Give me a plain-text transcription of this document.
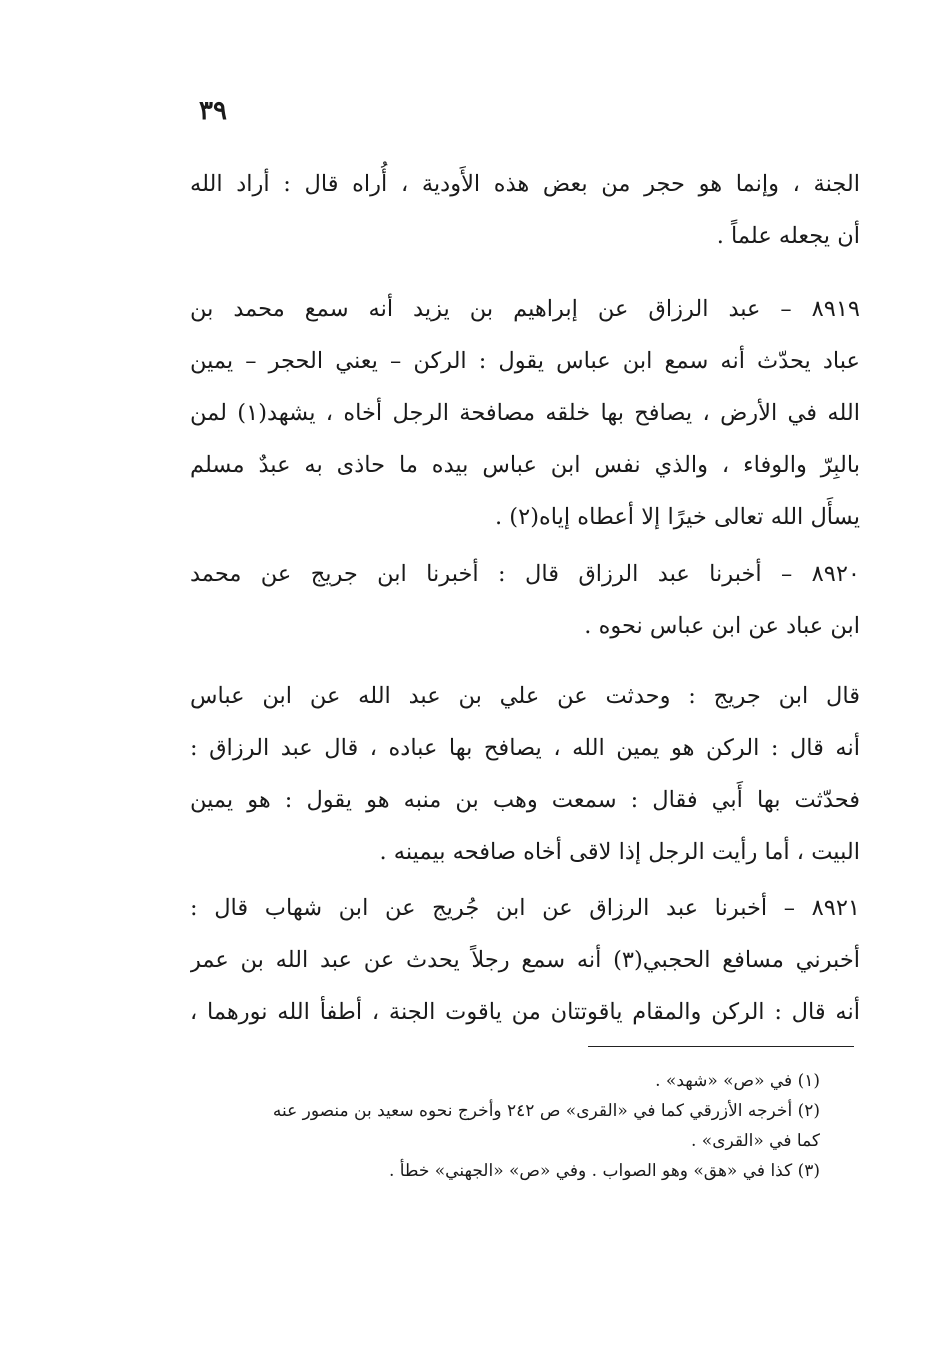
٣٩
الجنة ، وإنما هو حجر من بعض هذه الأَودية ، أُراه قال : أراد الله
أن يجعله علماً .
٨٩١٩ – عبد الرزاق عن إبراهيم بن يزيد أنه سمع محمد بن
عباد يحدّث أنه سمع ابن عباس يقول : الركن – يعني الحجر – يمين
الله في الأرض ، يصافح بها خلقه مصافحة الرجل أخاه ، يشهد(١) لمن
بالبِرّ والوفاء ، والذي نفس ابن عباس بيده ما حاذى به عبدٌ مسلم
يسأَل الله تعالى خيرًا إلا أعطاه إياه(٢) .
٨٩٢٠ – أخبرنا عبد الرزاق قال : أخبرنا ابن جريج عن محمد
ابن عباد عن ابن عباس نحوه .
قال ابن جريج : وحدثت عن علي بن عبد الله عن ابن عباس
أنه قال : الركن هو يمين الله ، يصافح بها عباده ، قال عبد الرزاق :
فحدّثت بها أَبي فقال : سمعت وهب بن منبه هو يقول : هو يمين
البيت ، أما رأيت الرجل إذا لاقى أخاه صافحه بيمينه .
٨٩٢١ – أخبرنا عبد الرزاق عن ابن جُريج عن ابن شهاب قال :
أخبرني مسافع الحجبي(٣) أنه سمع رجلاً يحدث عن عبد الله بن عمر
أنه قال : الركن والمقام ياقوتتان من ياقوت الجنة ، أطفأ الله نورهما ،
(١) في «ص» «شهد» .
(٢) أخرجه الأزرقي كما في «القرى» ص ٢٤٢ وأخرج نحوه سعيد بن منصور عنه
كما في «القرى» .
(٣) كذا في «هق» وهو الصواب . وفي «ص» «الجهني» خطأ .
